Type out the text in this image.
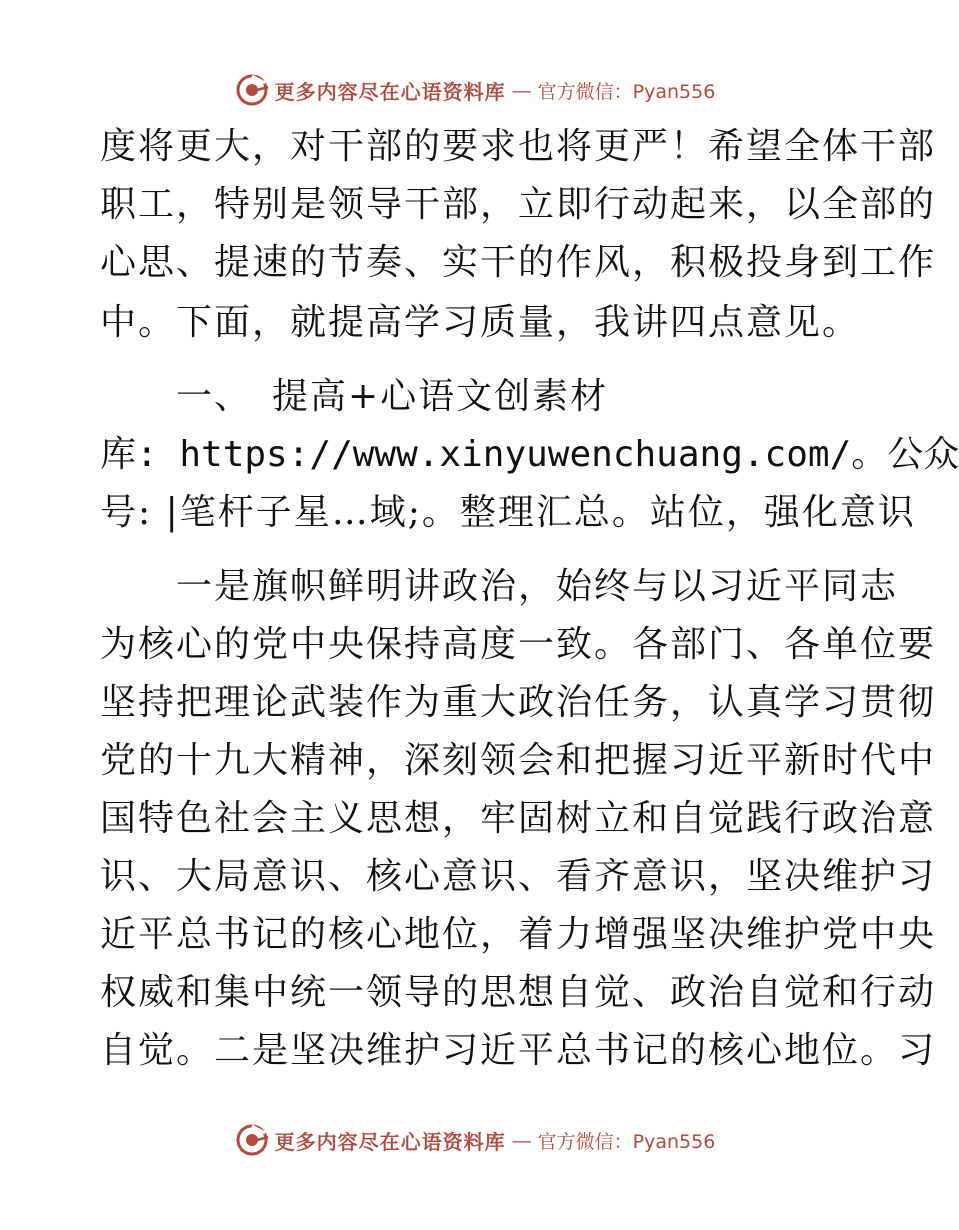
更多内容尽在心语资料库 — 官方微信：Pyan556
度将更大，对干部的要求也将更严！希望全体干部
职工，特别是领导干部，立即行动起来，以全部的
心思、提速的节奏、实干的作风，积极投身到工作
中。下面，就提高学习质量，我讲四点意见。
　　一、　提高+心语文创素材
库: https://www.xinyuwenchuang.com/。公众
号: |笔杆子星…域;。整理汇总。站位，强化意识
　　一是旗帜鲜明讲政治，始终与以习近平同志
为核心的党中央保持高度一致。各部门、各单位要
坚持把理论武装作为重大政治任务，认真学习贯彻
党的十九大精神，深刻领会和把握习近平新时代中
国特色社会主义思想，牢固树立和自觉践行政治意
识、大局意识、核心意识、看齐意识，坚决维护习
近平总书记的核心地位，着力增强坚决维护党中央
权威和集中统一领导的思想自觉、政治自觉和行动
自觉。二是坚决维护习近平总书记的核心地位。习
更多内容尽在心语资料库 — 官方微信：Pyan556
